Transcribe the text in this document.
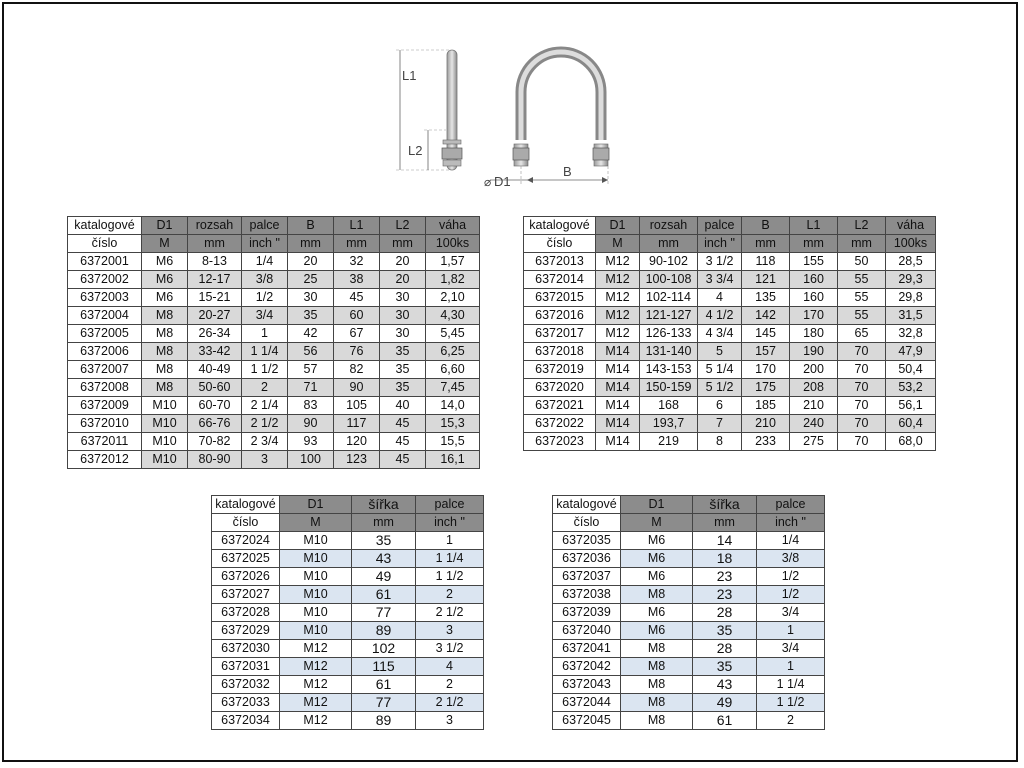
L1
L2
⌀ D1
B
katalogové	D1	rozsah	palce	B	L1	L2	váha
číslo	M	mm	inch "	mm	mm	mm	100ks
6372001	M6	8-13	1/4	20	32	20	1,57
6372002	M6	12-17	3/8	25	38	20	1,82
6372003	M6	15-21	1/2	30	45	30	2,10
6372004	M8	20-27	3/4	35	60	30	4,30
6372005	M8	26-34	1	42	67	30	5,45
6372006	M8	33-42	1 1/4	56	76	35	6,25
6372007	M8	40-49	1 1/2	57	82	35	6,60
6372008	M8	50-60	2	71	90	35	7,45
6372009	M10	60-70	2 1/4	83	105	40	14,0
6372010	M10	66-76	2 1/2	90	117	45	15,3
6372011	M10	70-82	2 3/4	93	120	45	15,5
6372012	M10	80-90	3	100	123	45	16,1
katalogové	D1	rozsah	palce	B	L1	L2	váha
číslo	M	mm	inch "	mm	mm	mm	100ks
6372013	M12	90-102	3 1/2	118	155	50	28,5
6372014	M12	100-108	3 3/4	121	160	55	29,3
6372015	M12	102-114	4	135	160	55	29,8
6372016	M12	121-127	4 1/2	142	170	55	31,5
6372017	M12	126-133	4 3/4	145	180	65	32,8
6372018	M14	131-140	5	157	190	70	47,9
6372019	M14	143-153	5 1/4	170	200	70	50,4
6372020	M14	150-159	5 1/2	175	208	70	53,2
6372021	M14	168	6	185	210	70	56,1
6372022	M14	193,7	7	210	240	70	60,4
6372023	M14	219	8	233	275	70	68,0
katalogové	D1	šířka	palce
číslo	M	mm	inch "
6372024	M10	35	1
6372025	M10	43	1 1/4
6372026	M10	49	1 1/2
6372027	M10	61	2
6372028	M10	77	2 1/2
6372029	M10	89	3
6372030	M12	102	3 1/2
6372031	M12	115	4
6372032	M12	61	2
6372033	M12	77	2 1/2
6372034	M12	89	3
katalogové	D1	šířka	palce
číslo	M	mm	inch "
6372035	M6	14	1/4
6372036	M6	18	3/8
6372037	M6	23	1/2
6372038	M8	23	1/2
6372039	M6	28	3/4
6372040	M6	35	1
6372041	M8	28	3/4
6372042	M8	35	1
6372043	M8	43	1 1/4
6372044	M8	49	1 1/2
6372045	M8	61	2
